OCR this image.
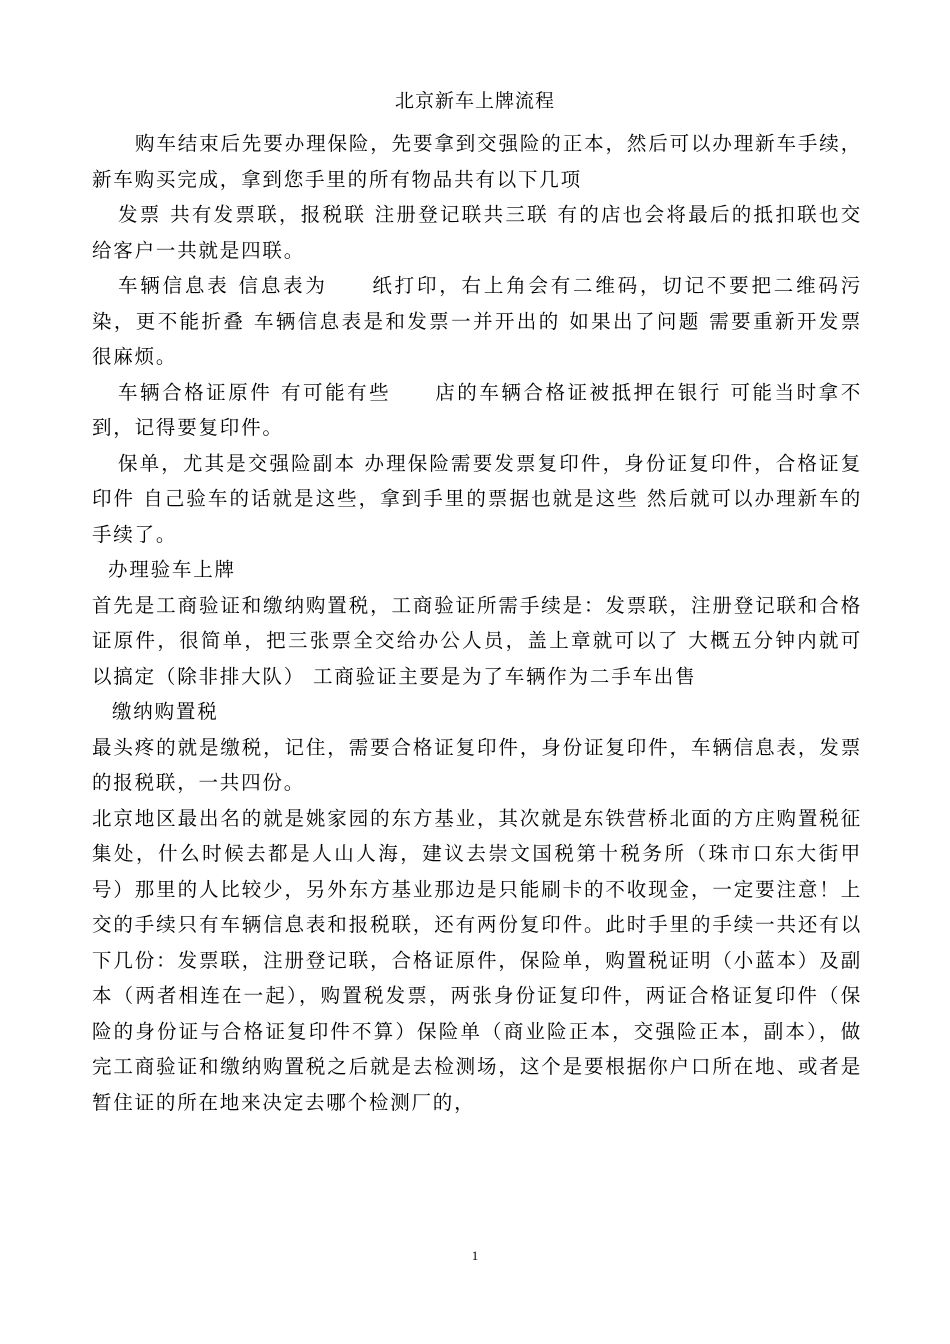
北京新车上牌流程

购车结束后先要办理保险，先要拿到交强险的正本，然后可以办理新车手续，新车购买完成，拿到您手里的所有物品共有以下几项

发票 共有发票联，报税联 注册登记联共三联 有的店也会将最后的抵扣联也交给客户一共就是四联。

车辆信息表 信息表为　　纸打印，右上角会有二维码，切记不要把二维码污染，更不能折叠 车辆信息表是和发票一并开出的 如果出了问题 需要重新开发票 很麻烦。

车辆合格证原件 有可能有些　　店的车辆合格证被抵押在银行 可能当时拿不到，记得要复印件。

保单，尤其是交强险副本 办理保险需要发票复印件，身份证复印件，合格证复印件 自己验车的话就是这些，拿到手里的票据也就是这些 然后就可以办理新车的手续了。

办理验车上牌

首先是工商验证和缴纳购置税，工商验证所需手续是：发票联，注册登记联和合格证原件，很简单，把三张票全交给办公人员，盖上章就可以了 大概五分钟内就可以搞定（除非排大队） 工商验证主要是为了车辆作为二手车出售

缴纳购置税

最头疼的就是缴税，记住，需要合格证复印件，身份证复印件，车辆信息表，发票的报税联，一共四份。

北京地区最出名的就是姚家园的东方基业，其次就是东铁营桥北面的方庄购置税征集处，什么时候去都是人山人海，建议去崇文国税第十税务所（珠市口东大街甲　　号）那里的人比较少，另外东方基业那边是只能刷卡的不收现金，一定要注意！上交的手续只有车辆信息表和报税联，还有两份复印件。此时手里的手续一共还有以下几份：发票联，注册登记联，合格证原件，保险单，购置税证明（小蓝本）及副本（两者相连在一起），购置税发票，两张身份证复印件，两证合格证复印件（保险的身份证与合格证复印件不算）保险单（商业险正本，交强险正本，副本），做完工商验证和缴纳购置税之后就是去检测场，这个是要根据你户口所在地、或者是暂住证的所在地来决定去哪个检测厂的，

1
